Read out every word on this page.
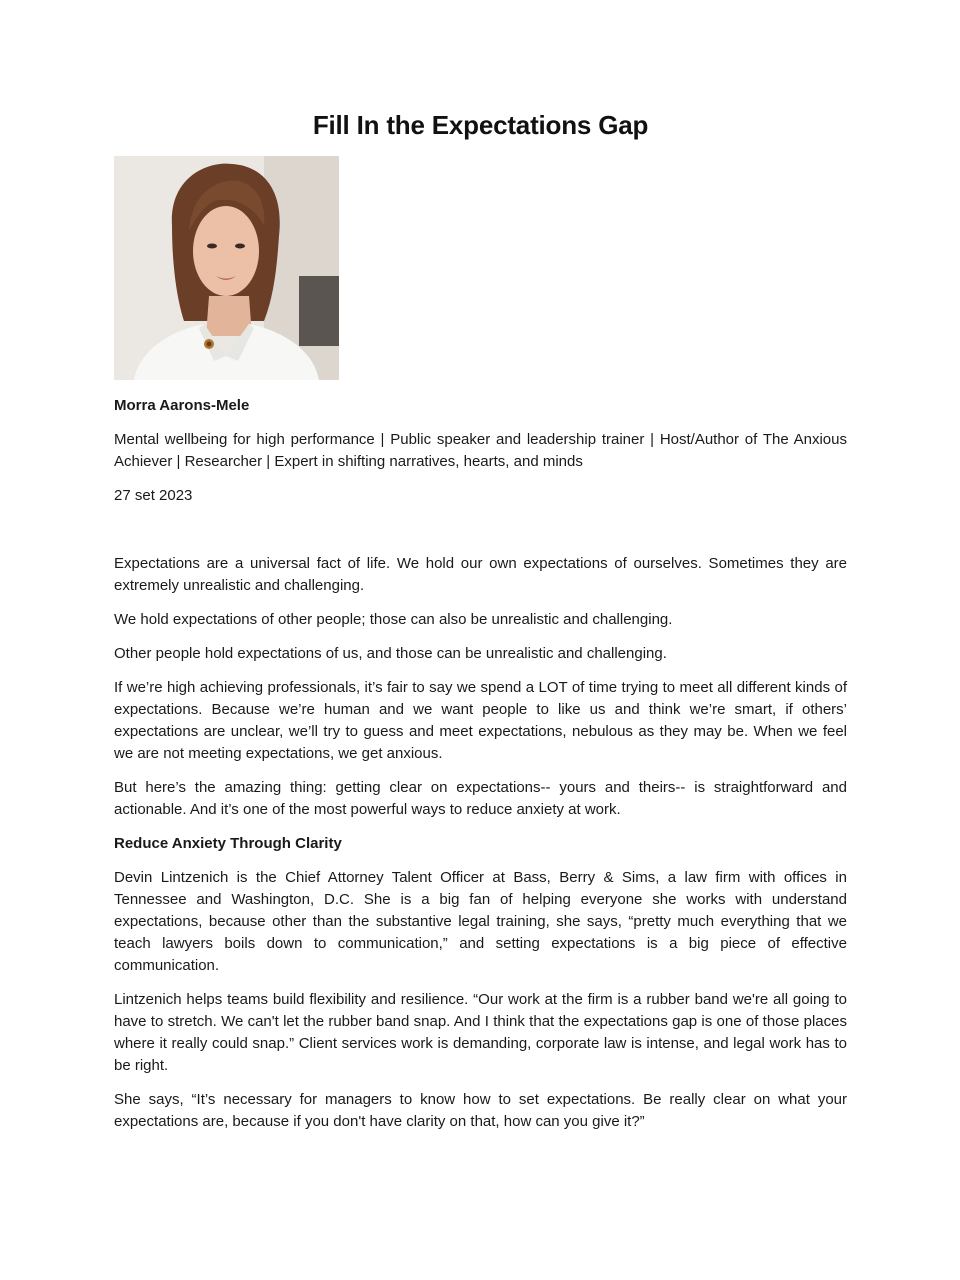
Fill In the Expectations Gap

Morra Aarons-Mele

Mental wellbeing for high performance | Public speaker and leadership trainer | Host/Author of The Anxious Achiever | Researcher | Expert in shifting narratives, hearts, and minds

27 set 2023

Expectations are a universal fact of life. We hold our own expectations of ourselves. Sometimes they are extremely unrealistic and challenging.

We hold expectations of other people; those can also be unrealistic and challenging.

Other people hold expectations of us, and those can be unrealistic and challenging.

If we’re high achieving professionals, it’s fair to say we spend a LOT of time trying to meet all different kinds of expectations. Because we’re human and we want people to like us and think we’re smart, if others’ expectations are unclear, we’ll try to guess and meet expectations, nebulous as they may be. When we feel we are not meeting expectations, we get anxious.

But here’s the amazing thing: getting clear on expectations-- yours and theirs-- is straightforward and actionable. And it’s one of the most powerful ways to reduce anxiety at work.

Reduce Anxiety Through Clarity

Devin Lintzenich is the Chief Attorney Talent Officer at Bass, Berry & Sims, a law firm with offices in Tennessee and Washington, D.C. She is a big fan of helping everyone she works with understand expectations, because other than the substantive legal training, she says, “pretty much everything that we teach lawyers boils down to communication,” and setting expectations is a big piece of effective communication.

Lintzenich helps teams build flexibility and resilience. “Our work at the firm is a rubber band we're all going to have to stretch. We can't let the rubber band snap. And I think that the expectations gap is one of those places where it really could snap.” Client services work is demanding, corporate law is intense, and legal work has to be right.

She says, “It’s necessary for managers to know how to set expectations. Be really clear on what your expectations are, because if you don't have clarity on that, how can you give it?”
